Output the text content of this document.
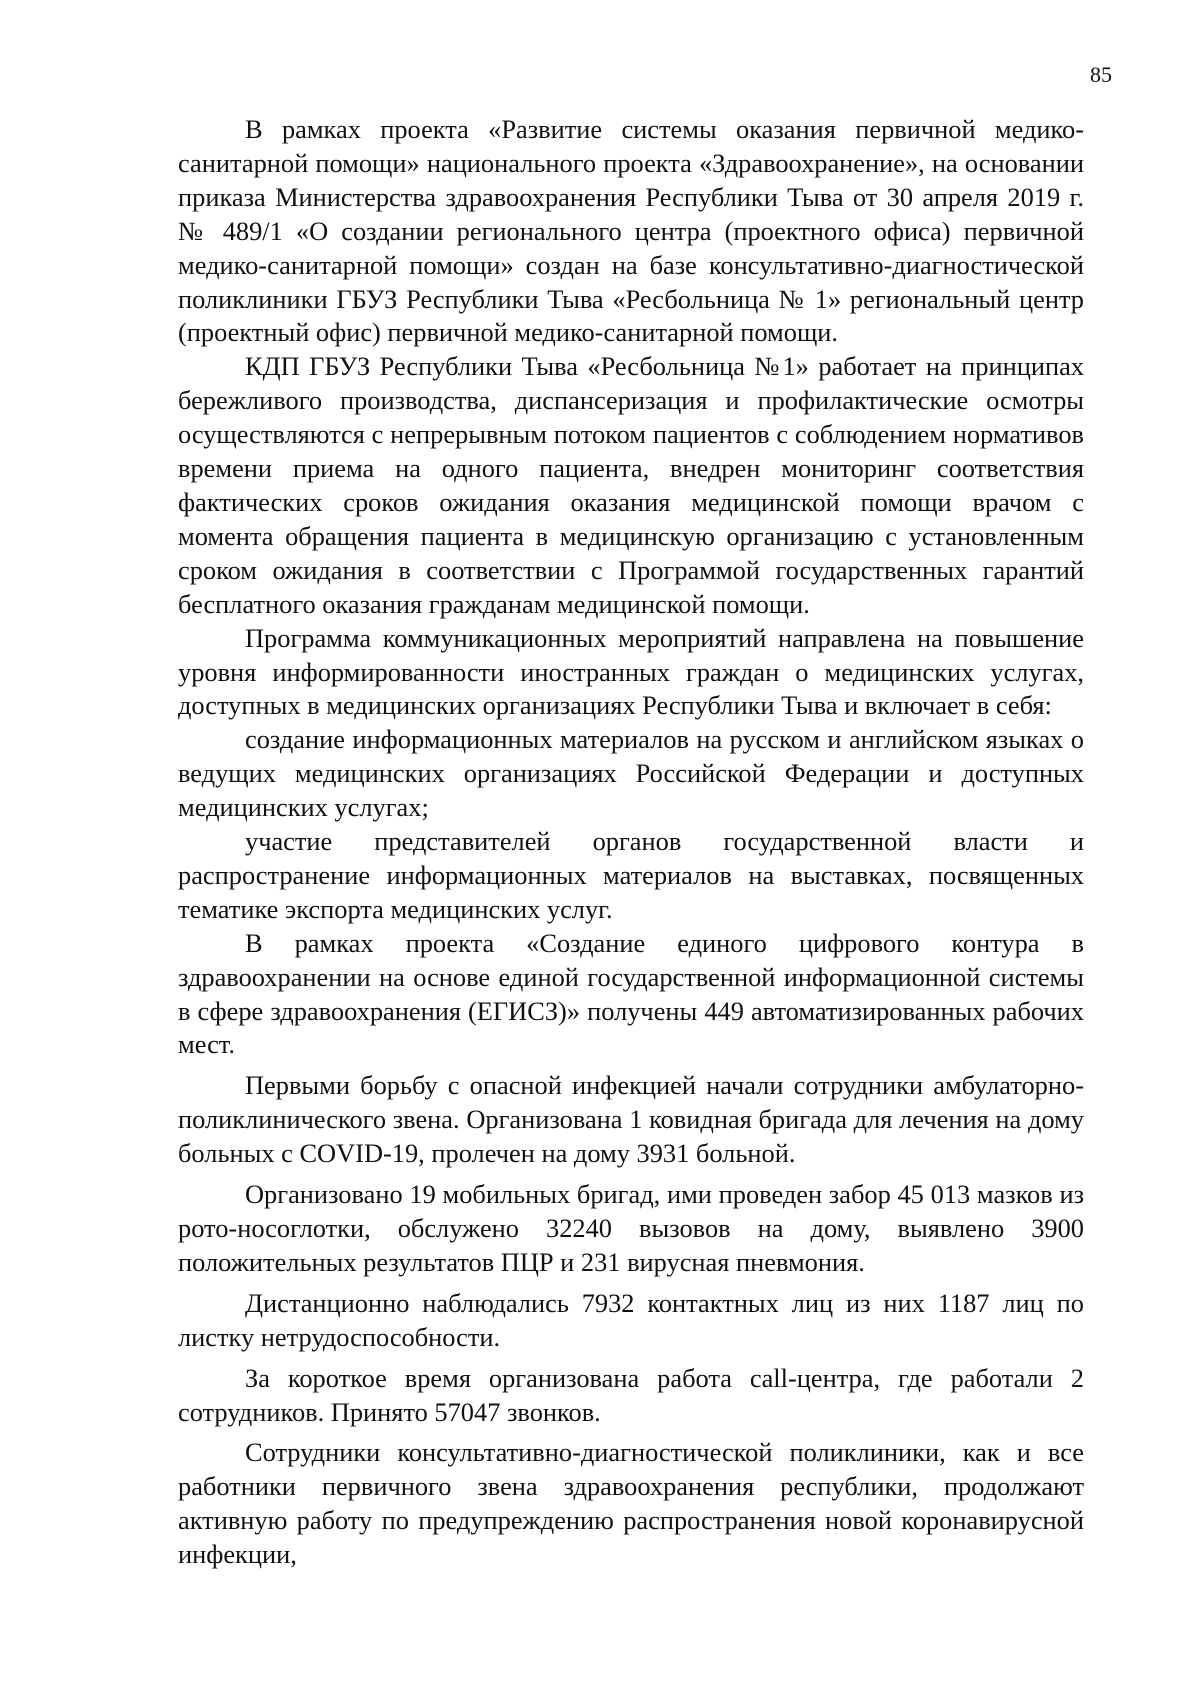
85

В рамках проекта «Развитие системы оказания первичной медико-санитарной помощи» национального проекта «Здравоохранение», на основании приказа Министерства здравоохранения Республики Тыва от 30 апреля 2019 г. № 489/1 «О создании регионального центра (проектного офиса) первичной медико-санитарной помощи» создан на базе консультативно-диагностической поликлиники ГБУЗ Республики Тыва «Ресбольница № 1» региональный центр (проектный офис) первичной медико-санитарной помощи.

КДП ГБУЗ Республики Тыва «Ресбольница №1» работает на принципах бережливого производства, диспансеризация и профилактические осмотры осуществляются с непрерывным потоком пациентов с соблюдением нормативов времени приема на одного пациента, внедрен мониторинг соответствия фактических сроков ожидания оказания медицинской помощи врачом с момента обращения пациента в медицинскую организацию с установленным сроком ожидания в соответствии с Программой государственных гарантий бесплатного оказания гражданам медицинской помощи.

Программа коммуникационных мероприятий направлена на повышение уровня информированности иностранных граждан о медицинских услугах, доступных в медицинских организациях Республики Тыва и включает в себя:

создание информационных материалов на русском и английском языках о ведущих медицинских организациях Российской Федерации и доступных медицинских услугах;

участие представителей органов государственной власти и распространение информационных материалов на выставках, посвященных тематике экспорта медицинских услуг.

В рамках проекта «Создание единого цифрового контура в здравоохранении на основе единой государственной информационной системы в сфере здравоохранения (ЕГИСЗ)» получены 449 автоматизированных рабочих мест.

Первыми борьбу с опасной инфекцией начали сотрудники амбулаторно-поликлинического звена. Организована 1 ковидная бригада для лечения на дому больных с COVID-19, пролечен на дому 3931 больной.

Организовано 19 мобильных бригад, ими проведен забор 45 013 мазков из рото-носоглотки, обслужено 32240 вызовов на дому, выявлено 3900 положительных результатов ПЦР и 231 вирусная пневмония.

Дистанционно наблюдались 7932 контактных лиц из них 1187 лиц по листку нетрудоспособности.

За короткое время организована работа call-центра, где работали 2 сотрудников. Принято 57047 звонков.

Сотрудники консультативно-диагностической поликлиники, как и все работники первичного звена здравоохранения республики, продолжают активную работу по предупреждению распространения новой коронавирусной инфекции,
